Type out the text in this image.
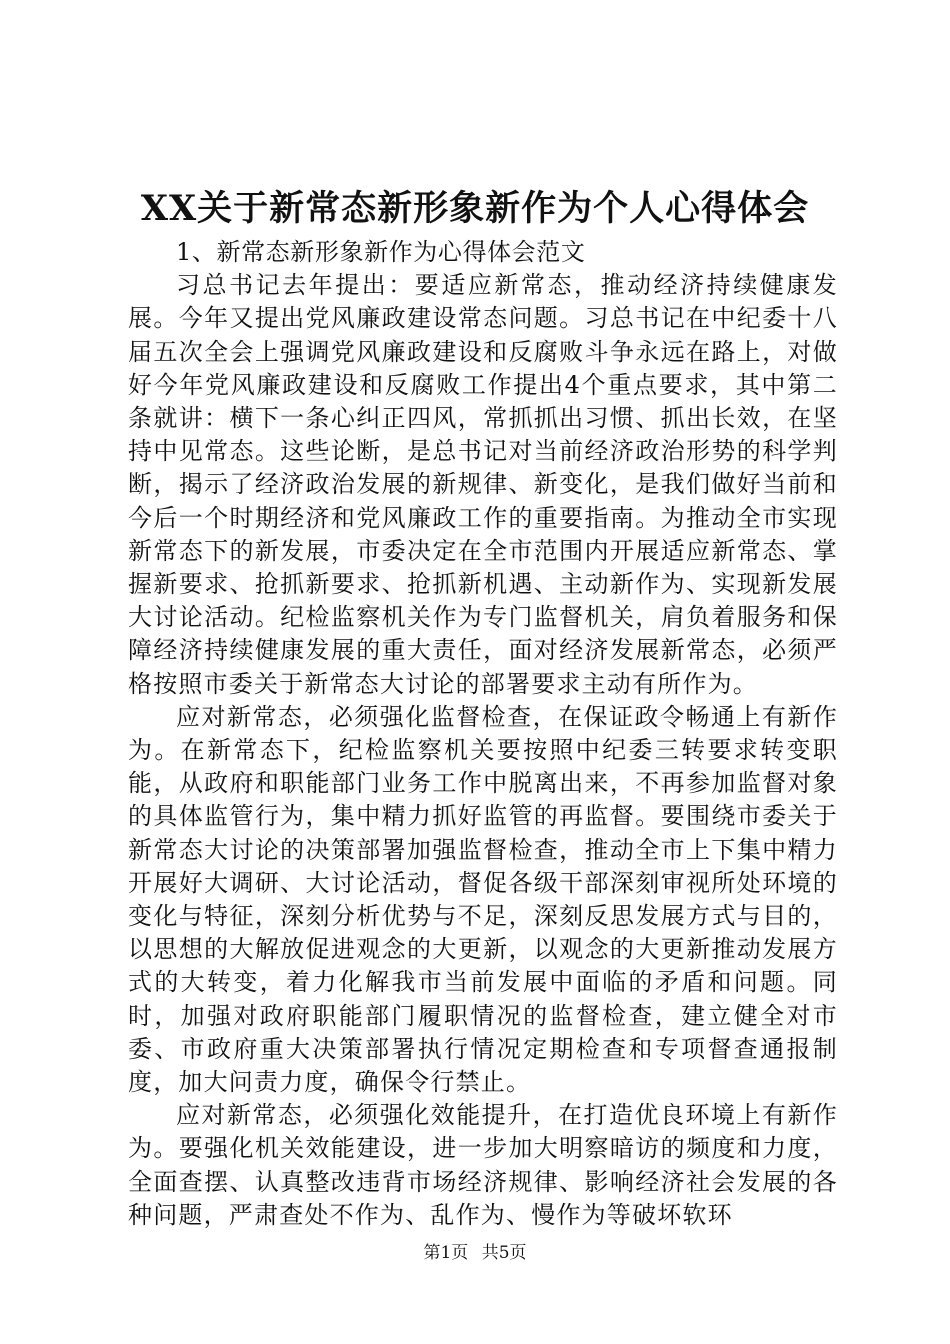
XX关于新常态新形象新作为个人心得体会

1、新常态新形象新作为心得体会范文

习总书记去年提出：要适应新常态，推动经济持续健康发展。今年又提出党风廉政建设常态问题。习总书记在中纪委十八届五次全会上强调党风廉政建设和反腐败斗争永远在路上，对做好今年党风廉政建设和反腐败工作提出4个重点要求，其中第二条就讲：横下一条心纠正四风，常抓抓出习惯、抓出长效，在坚持中见常态。这些论断，是总书记对当前经济政治形势的科学判断，揭示了经济政治发展的新规律、新变化，是我们做好当前和今后一个时期经济和党风廉政工作的重要指南。为推动全市实现新常态下的新发展，市委决定在全市范围内开展适应新常态、掌握新要求、抢抓新要求、抢抓新机遇、主动新作为、实现新发展大讨论活动。纪检监察机关作为专门监督机关，肩负着服务和保障经济持续健康发展的重大责任，面对经济发展新常态，必须严格按照市委关于新常态大讨论的部署要求主动有所作为。

应对新常态，必须强化监督检查，在保证政令畅通上有新作为。在新常态下，纪检监察机关要按照中纪委三转要求转变职能，从政府和职能部门业务工作中脱离出来，不再参加监督对象的具体监管行为，集中精力抓好监管的再监督。要围绕市委关于新常态大讨论的决策部署加强监督检查，推动全市上下集中精力开展好大调研、大讨论活动，督促各级干部深刻审视所处环境的变化与特征，深刻分析优势与不足，深刻反思发展方式与目的，以思想的大解放促进观念的大更新，以观念的大更新推动发展方式的大转变，着力化解我市当前发展中面临的矛盾和问题。同时，加强对政府职能部门履职情况的监督检查，建立健全对市委、市政府重大决策部署执行情况定期检查和专项督查通报制度，加大问责力度，确保令行禁止。

应对新常态，必须强化效能提升，在打造优良环境上有新作为。要强化机关效能建设，进一步加大明察暗访的频度和力度，全面查摆、认真整改违背市场经济规律、影响经济社会发展的各种问题，严肃查处不作为、乱作为、慢作为等破坏软环

第1页 共5页
